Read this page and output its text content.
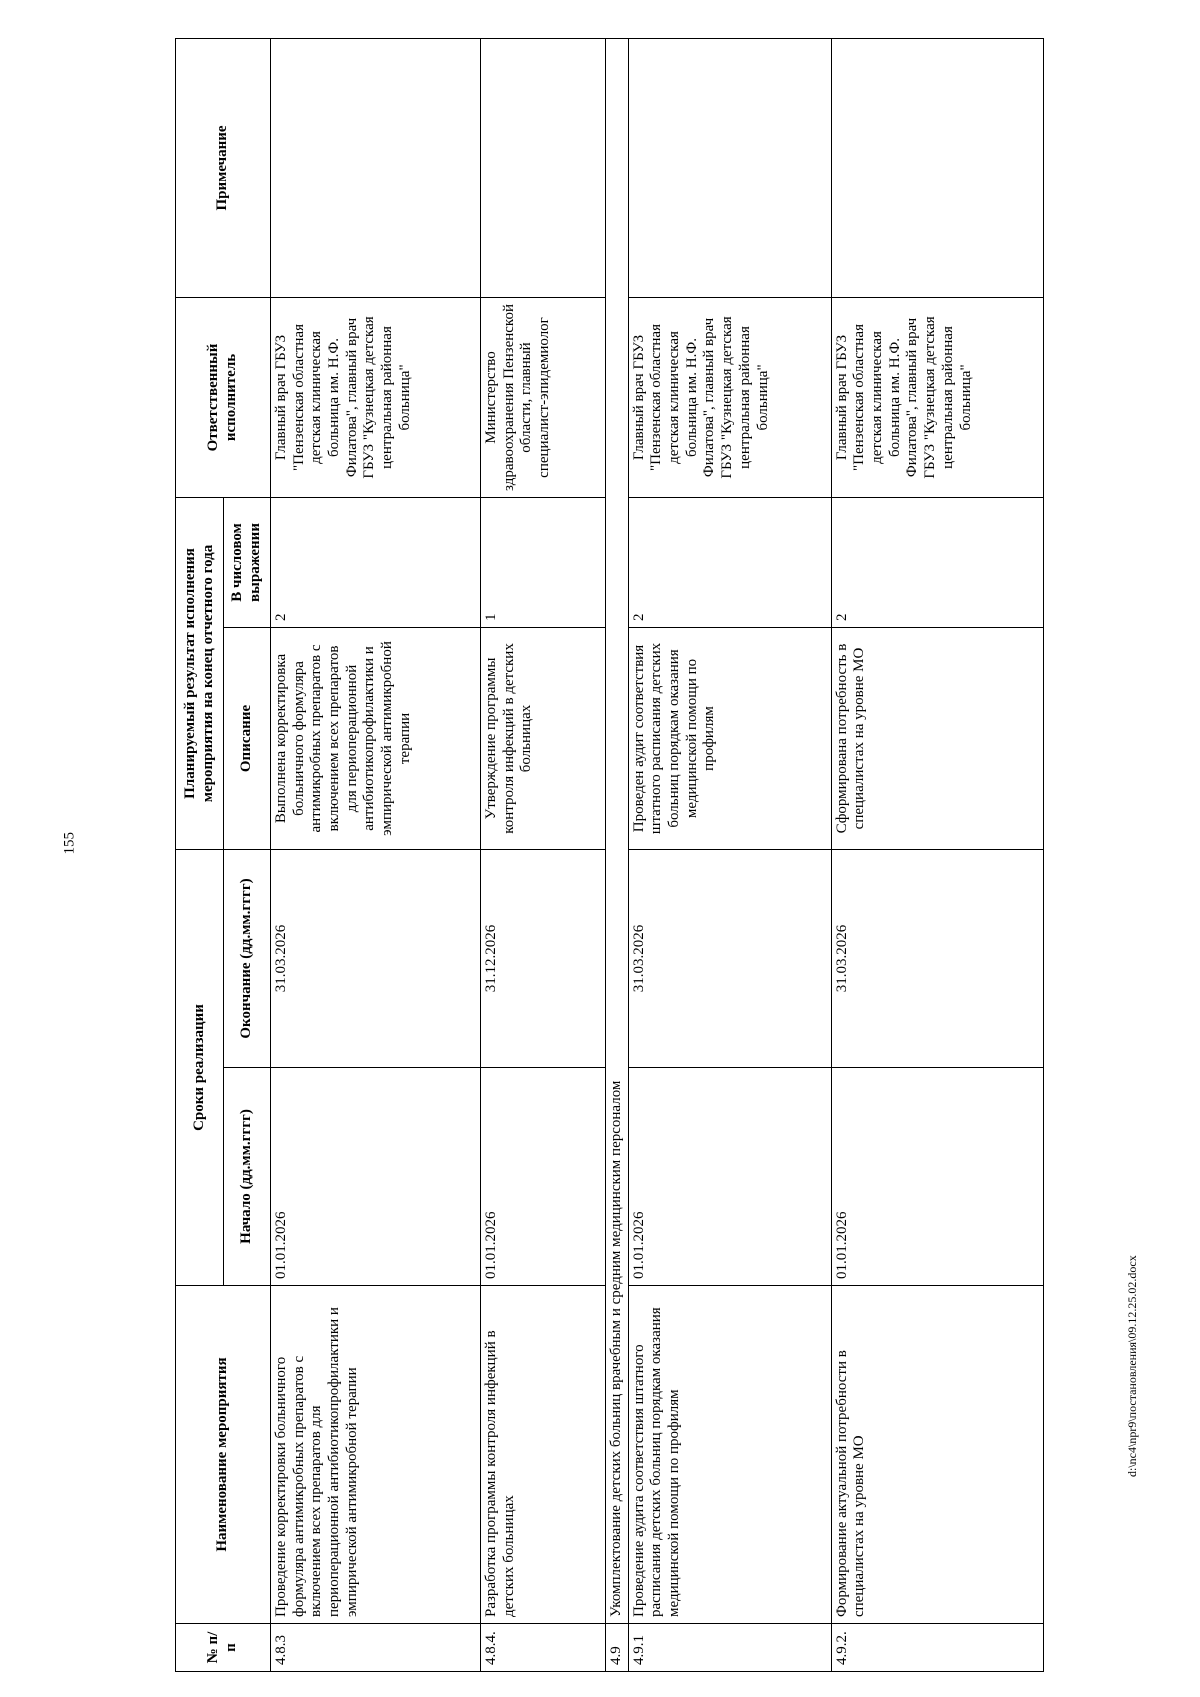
155
№ п/п	Наименование мероприятия	Сроки реализации		Планируемый результат исполнения мероприятия на конец отчетного года		Ответственный исполнитель	Примечание
		Начало (дд.мм.гггг)	Окончание (дд.мм.гггг)	Описание	В числовом выражении		
4.8.3	Проведение корректировки больничного формуляра антимикробных препаратов с включением всех препаратов для периоперационной антибиотикопрофилактики и эмпирической антимикробной терапии	01.01.2026	31.03.2026	Выполнена корректировка больничного формуляра антимикробных препаратов с включением всех препаратов для периоперационной антибиотикопрофилактики и эмпирической антимикробной терапии	2	Главный врач ГБУЗ "Пензенская областная детская клиническая больница им. Н.Ф. Филатова", главный врач ГБУЗ "Кузнецкая детская центральная районная больница"	
4.8.4.	Разработка программы контроля инфекций в детских больницах	01.01.2026	31.12.2026	Утверждение программы контроля инфекций в детских больницах	1	Министерство здравоохранения Пензенской области, главный специалист-эпидемиолог	
4.9	Укомплектование детских больниц врачебным и средним медицинским персоналом						
4.9.1	Проведение аудита соответствия штатного расписания детских больниц порядкам оказания медицинской помощи по профилям	01.01.2026	31.03.2026	Проведен аудит соответствия штатного расписания детских больниц порядкам оказания медицинской помощи по профилям	2	Главный врач ГБУЗ "Пензенская областная детская клиническая больница им. Н.Ф. Филатова", главный врач ГБУЗ "Кузнецкая детская центральная районная больница"	
4.9.2.	Формирование актуальной потребности в специалистах на уровне МО	01.01.2026	31.03.2026	Сформирована потребность в специалистах на уровне МО	2	Главный врач ГБУЗ "Пензенская областная детская клиническая больница им. Н.Ф. Филатова", главный врач ГБУЗ "Кузнецкая детская центральная районная больница"	
d:\nc4\npr9\постановления\09.12.25.02.docx
